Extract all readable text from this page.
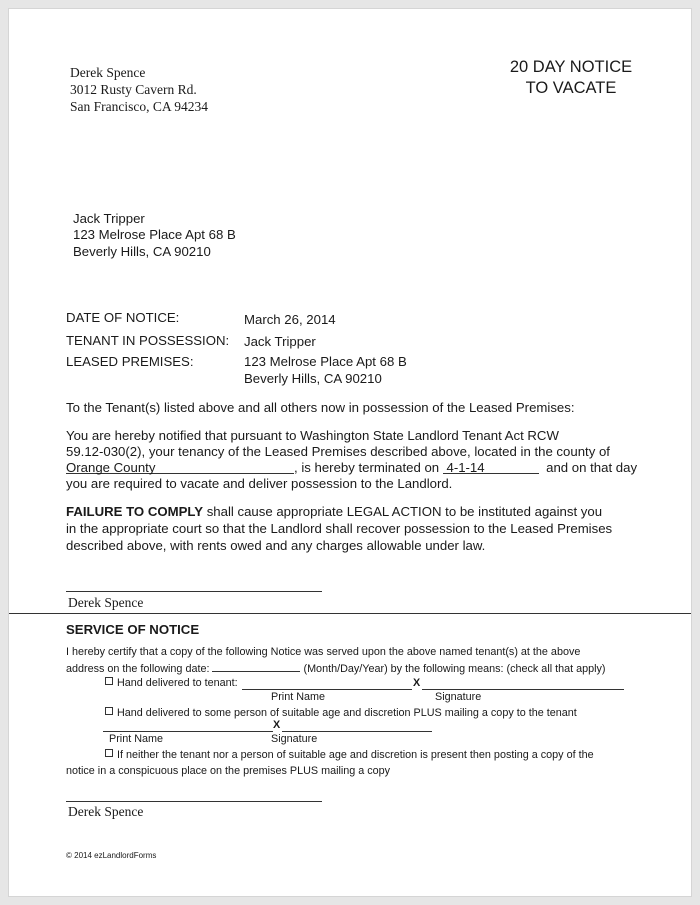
Derek Spence
3012 Rusty Cavern Rd.
San Francisco, CA 94234
20 DAY NOTICE
TO VACATE
Jack Tripper
123 Melrose Place Apt 68 B
Beverly Hills, CA 90210
DATE OF NOTICE:	March 26, 2014
TENANT IN POSSESSION: Jack Tripper
LEASED PREMISES:	123 Melrose Place Apt 68 B
Beverly Hills, CA 90210
To the Tenant(s) listed above and all others now in possession of the Leased Premises:
You are hereby notified that pursuant to Washington State Landlord Tenant Act RCW
59.12-030(2), your tenancy of the Leased Premises described above, located in the county of
Orange County	, is hereby terminated on 4-1-14	and on that day
you are required to vacate and deliver possession to the Landlord.
FAILURE TO COMPLY shall cause appropriate LEGAL ACTION to be instituted against you
in the appropriate court so that the Landlord shall recover possession to the Leased Premises
described above, with rents owed and any charges allowable under law.
Derek Spence
SERVICE OF NOTICE
I hereby certify that a copy of the following Notice was served upon the above named tenant(s) at the above
address on the following date:	(Month/Day/Year) by the following means: (check all that apply)
Hand delivered to tenant:	X
Print Name	Signature
Hand delivered to some person of suitable age and discretion PLUS mailing a copy to the tenant
X
Print Name	Signature
If neither the tenant nor a person of suitable age and discretion is present then posting a copy of the
notice in a conspicuous place on the premises PLUS mailing a copy
Derek Spence
© 2014 ezLandlordForms
